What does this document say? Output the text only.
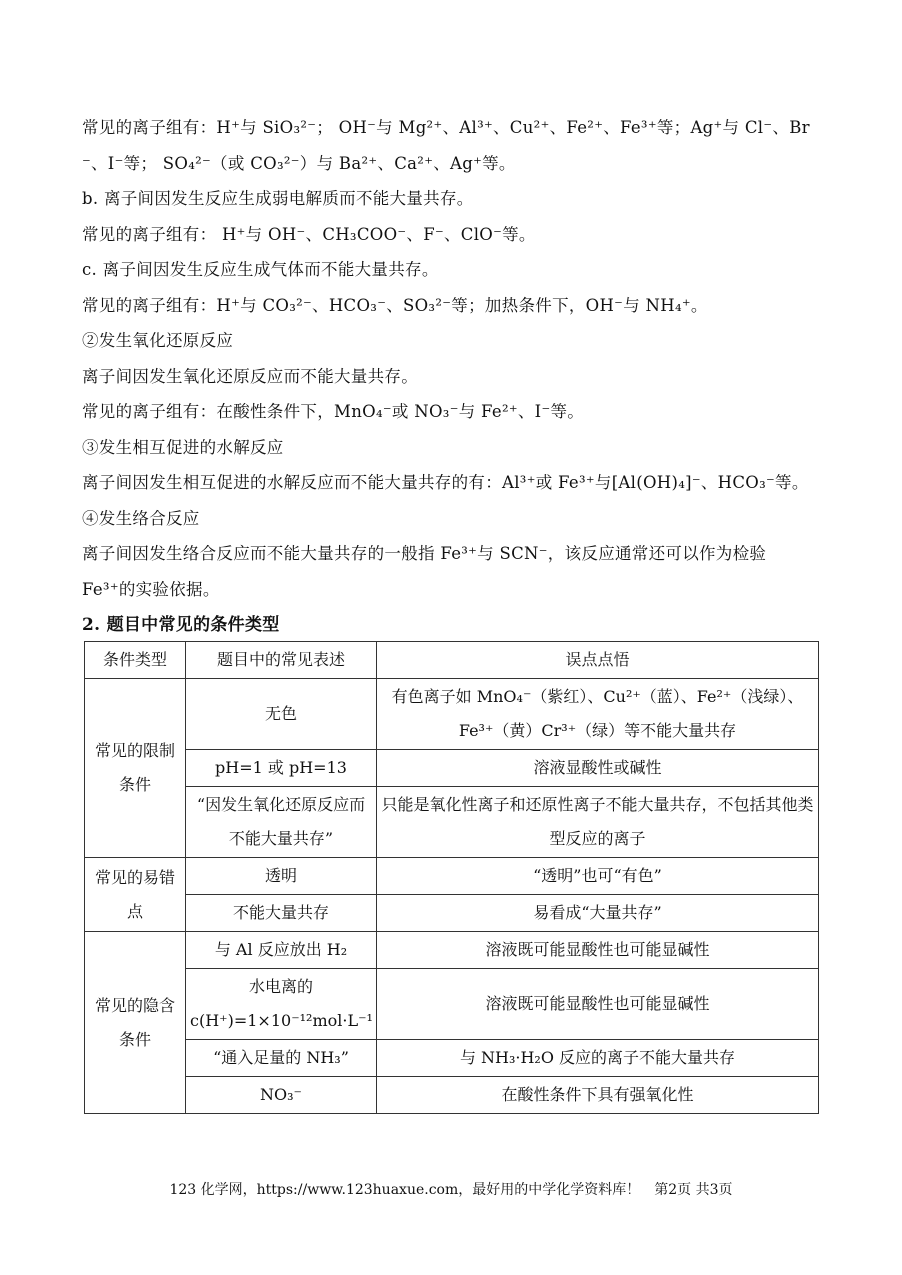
常见的离子组有：H⁺与 SiO₃²⁻； OH⁻与 Mg²⁺、Al³⁺、Cu²⁺、Fe²⁺、Fe³⁺等；Ag⁺与 Cl⁻、Br
⁻、I⁻等； SO₄²⁻（或 CO₃²⁻）与 Ba²⁺、Ca²⁺、Ag⁺等。
b. 离子间因发生反应生成弱电解质而不能大量共存。
常见的离子组有： H⁺与 OH⁻、CH₃COO⁻、F⁻、ClO⁻等。
c. 离子间因发生反应生成气体而不能大量共存。
常见的离子组有：H⁺与 CO₃²⁻、HCO₃⁻、SO₃²⁻等；加热条件下，OH⁻与 NH₄⁺。
②发生氧化还原反应
离子间因发生氧化还原反应而不能大量共存。
常见的离子组有：在酸性条件下，MnO₄⁻或 NO₃⁻与 Fe²⁺、I⁻等。
③发生相互促进的水解反应
离子间因发生相互促进的水解反应而不能大量共存的有：Al³⁺或 Fe³⁺与[Al(OH)₄]⁻、HCO₃⁻等。
④发生络合反应
离子间因发生络合反应而不能大量共存的一般指 Fe³⁺与 SCN⁻，该反应通常还可以作为检验
Fe³⁺的实验依据。
2. 题目中常见的条件类型
条件类型	题目中的常见表述	误点点悟
常见的限制条件	无色	有色离子如 MnO₄⁻（紫红）、Cu²⁺（蓝）、Fe²⁺（浅绿）、Fe³⁺（黄）Cr³⁺（绿）等不能大量共存
	pH=1 或 pH=13	溶液显酸性或碱性
	“因发生氧化还原反应而不能大量共存”	只能是氧化性离子和还原性离子不能大量共存，不包括其他类型反应的离子
常见的易错点	透明	“透明”也可“有色”
	不能大量共存	易看成“大量共存”
常见的隐含条件	与 Al 反应放出 H₂	溶液既可能显酸性也可能显碱性
	水电离的c(H⁺)=1×10⁻¹²mol·L⁻¹	溶液既可能显酸性也可能显碱性
	“通入足量的 NH₃”	与 NH₃·H₂O 反应的离子不能大量共存
	NO₃⁻	在酸性条件下具有强氧化性
123 化学网，https://www.123huaxue.com，最好用的中学化学资料库！　第2页 共3页
